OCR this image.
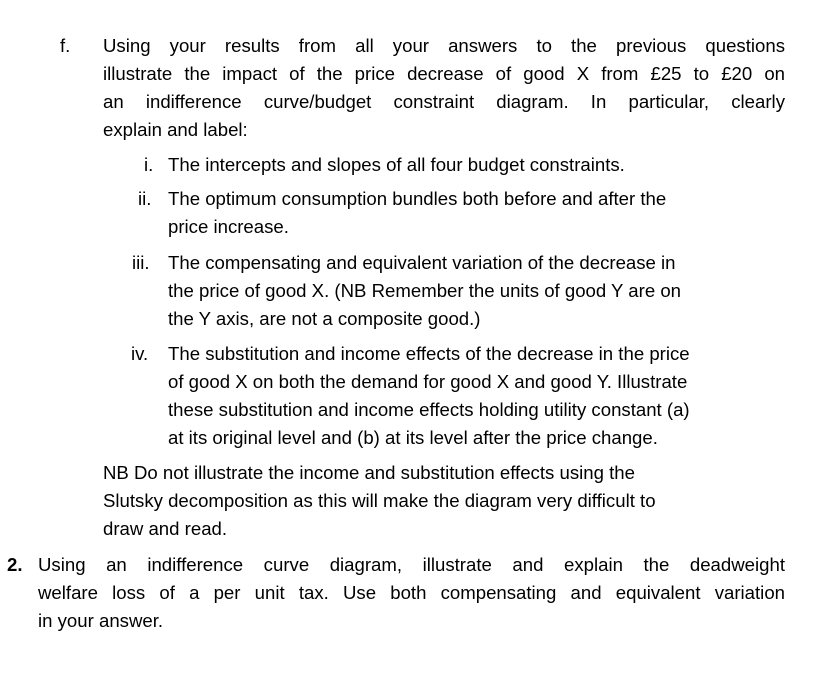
f. Using your results from all your answers to the previous questions
illustrate the impact of the price decrease of good X from £25 to £20 on
an indifference curve/budget constraint diagram. In particular, clearly
explain and label:
i. The intercepts and slopes of all four budget constraints.
ii. The optimum consumption bundles both before and after the
price increase.
iii. The compensating and equivalent variation of the decrease in
the price of good X. (NB Remember the units of good Y are on
the Y axis, are not a composite good.)
iv. The substitution and income effects of the decrease in the price
of good X on both the demand for good X and good Y. Illustrate
these substitution and income effects holding utility constant (a)
at its original level and (b) at its level after the price change.
NB Do not illustrate the income and substitution effects using the
Slutsky decomposition as this will make the diagram very difficult to
draw and read.
2. Using an indifference curve diagram, illustrate and explain the deadweight
welfare loss of a per unit tax. Use both compensating and equivalent variation
in your answer.
